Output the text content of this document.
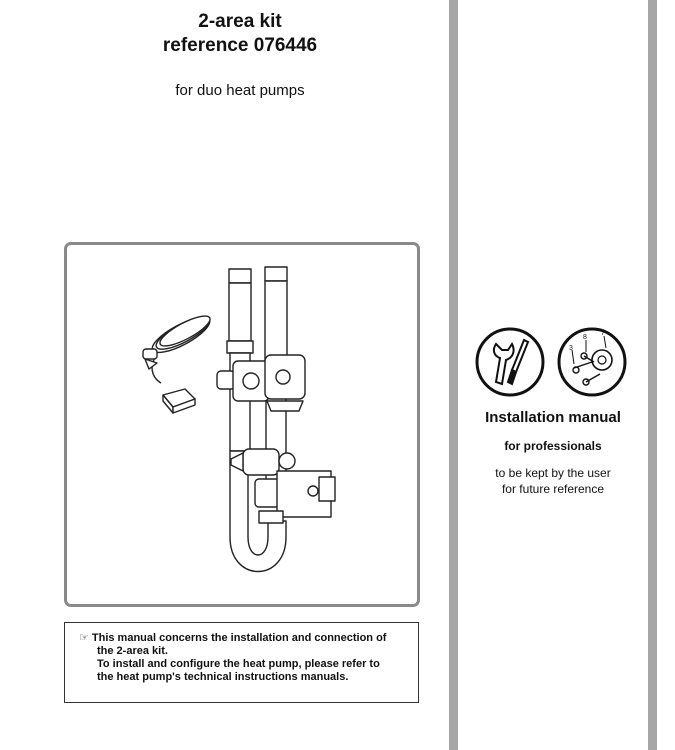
2-area kit
reference 076446
for duo heat pumps
☞ This manual concerns the installation and connection of
the 2-area kit.
To install and configure the heat pump, please refer to
the heat pump's technical instructions manuals.
3
8
7
Installation manual
for professionals
to be kept by the user
for future reference
